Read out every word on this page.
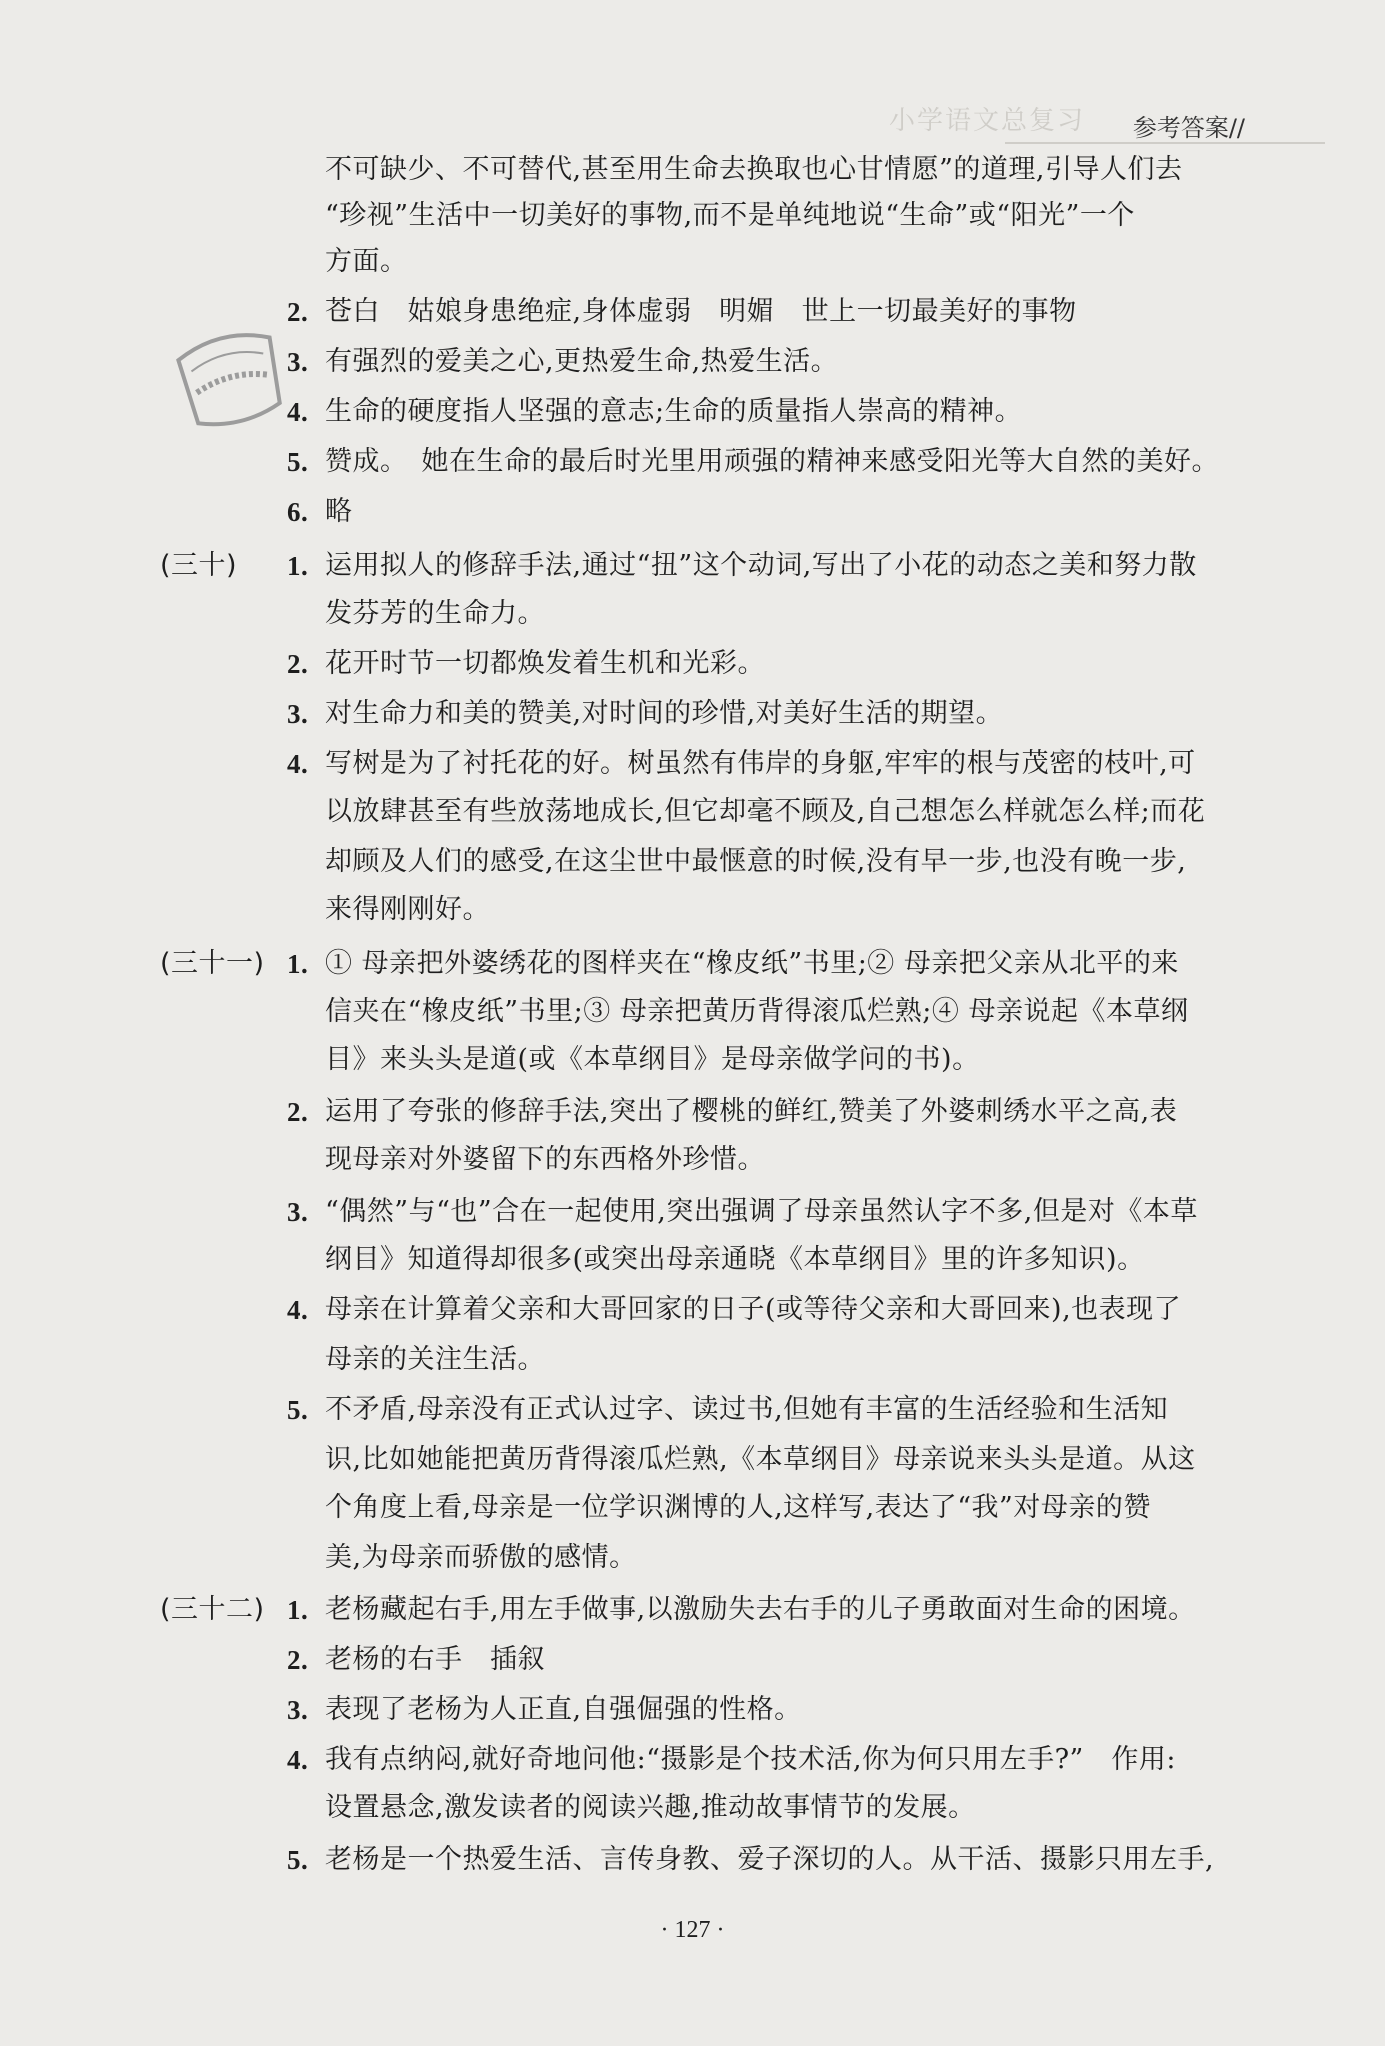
小学语文总复习 参考答案//
不可缺少、不可替代,甚至用生命去换取也心甘情愿”的道理,引导人们去
“珍视”生活中一切美好的事物,而不是单纯地说“生命”或“阳光”一个
方面。
2. 苍白　姑娘身患绝症,身体虚弱　明媚　世上一切最美好的事物
3. 有强烈的爱美之心,更热爱生命,热爱生活。
4. 生命的硬度指人坚强的意志;生命的质量指人崇高的精神。
5. 赞成。　她在生命的最后时光里用顽强的精神来感受阳光等大自然的美好。
6. 略
(三十) 1. 运用拟人的修辞手法,通过“扭”这个动词,写出了小花的动态之美和努力散
发芬芳的生命力。
2. 花开时节一切都焕发着生机和光彩。
3. 对生命力和美的赞美,对时间的珍惜,对美好生活的期望。
4. 写树是为了衬托花的好。树虽然有伟岸的身躯,牢牢的根与茂密的枝叶,可
以放肆甚至有些放荡地成长,但它却毫不顾及,自己想怎么样就怎么样;而花
却顾及人们的感受,在这尘世中最惬意的时候,没有早一步,也没有晚一步,
来得刚刚好。
(三十一) 1. ① 母亲把外婆绣花的图样夹在“橡皮纸”书里;② 母亲把父亲从北平的来
信夹在“橡皮纸”书里;③ 母亲把黄历背得滚瓜烂熟;④ 母亲说起《本草纲
目》来头头是道(或《本草纲目》是母亲做学问的书)。
2. 运用了夸张的修辞手法,突出了樱桃的鲜红,赞美了外婆刺绣水平之高,表
现母亲对外婆留下的东西格外珍惜。
3. “偶然”与“也”合在一起使用,突出强调了母亲虽然认字不多,但是对《本草
纲目》知道得却很多(或突出母亲通晓《本草纲目》里的许多知识)。
4. 母亲在计算着父亲和大哥回家的日子(或等待父亲和大哥回来),也表现了
母亲的关注生活。
5. 不矛盾,母亲没有正式认过字、读过书,但她有丰富的生活经验和生活知
识,比如她能把黄历背得滚瓜烂熟,《本草纲目》母亲说来头头是道。从这
个角度上看,母亲是一位学识渊博的人,这样写,表达了“我”对母亲的赞
美,为母亲而骄傲的感情。
(三十二) 1. 老杨藏起右手,用左手做事,以激励失去右手的儿子勇敢面对生命的困境。
2. 老杨的右手　插叙
3. 表现了老杨为人正直,自强倔强的性格。
4. 我有点纳闷,就好奇地问他:“摄影是个技术活,你为何只用左手?”　作用:
设置悬念,激发读者的阅读兴趣,推动故事情节的发展。
5. 老杨是一个热爱生活、言传身教、爱子深切的人。从干活、摄影只用左手,
· 127 ·
